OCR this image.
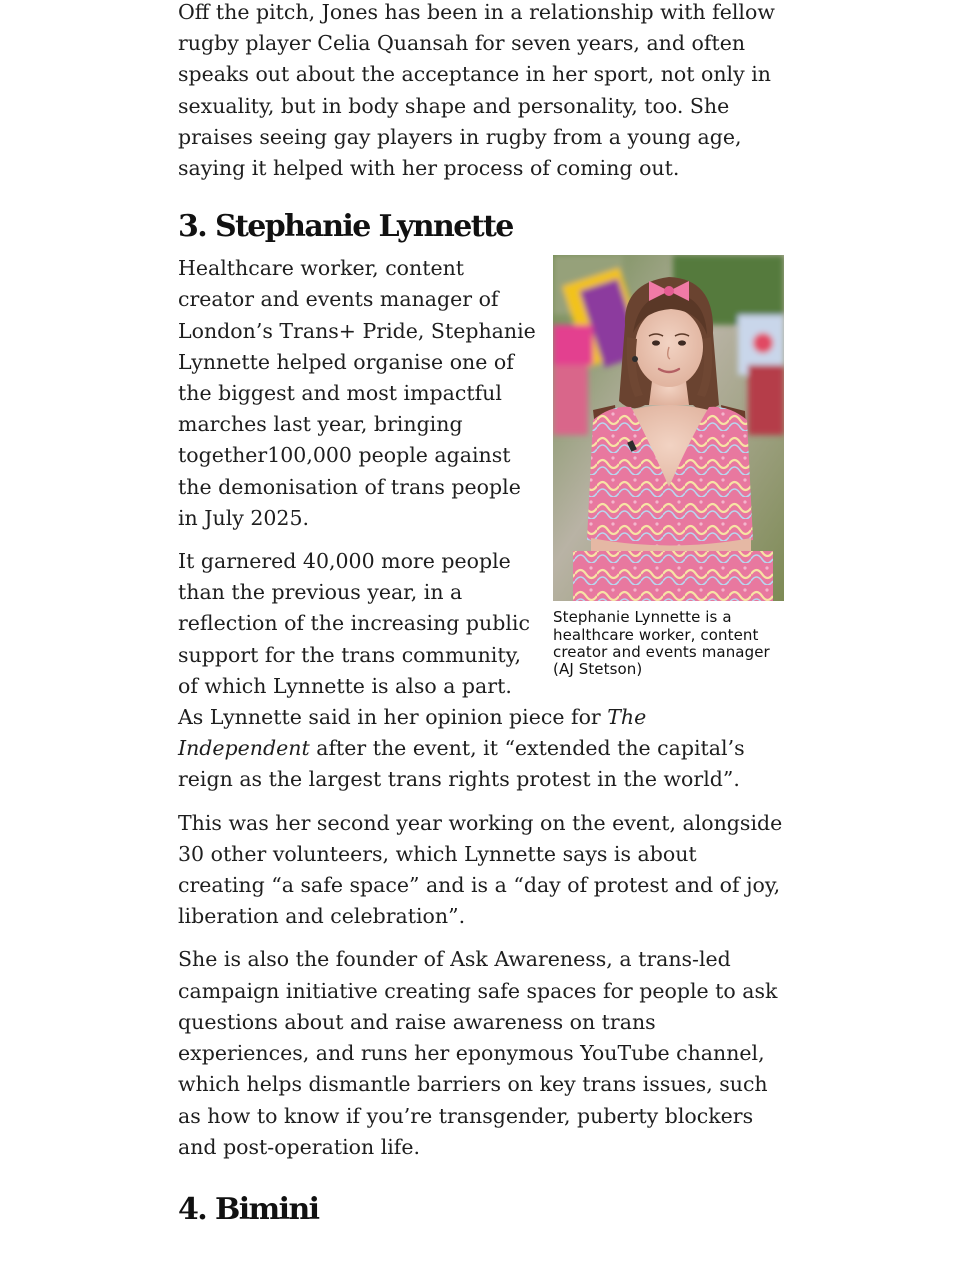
Off the pitch, Jones has been in a relationship with fellow rugby player Celia Quansah for seven years, and often speaks out about the acceptance in her sport, not only in sexuality, but in body shape and personality, too. She praises seeing gay players in rugby from a young age, saying it helped with her process of coming out.

3. Stephanie Lynnette
Stephanie Lynnette is a healthcare worker, content creator and events manager (AJ Stetson)

Healthcare worker, content creator and events manager of London’s Trans+ Pride, Stephanie Lynnette helped organise one of the biggest and most impactful marches last year, bringing together100,000 people against the demonisation of trans people in July 2025.

It garnered 40,000 more people than the previous year, in a reflection of the increasing public support for the trans community, of which Lynnette is also a part. As Lynnette said in her opinion piece for The Independent after the event, it “extended the capital’s reign as the largest trans rights protest in the world”.

This was her second year working on the event, alongside 30 other volunteers, which Lynnette says is about creating “a safe space” and is a “day of protest and of joy, liberation and celebration”.

She is also the founder of Ask Awareness, a trans-led campaign initiative creating safe spaces for people to ask questions about and raise awareness on trans experiences, and runs her eponymous YouTube channel, which helps dismantle barriers on key trans issues, such as how to know if you’re transgender, puberty blockers and post-operation life.

4. Bimini
